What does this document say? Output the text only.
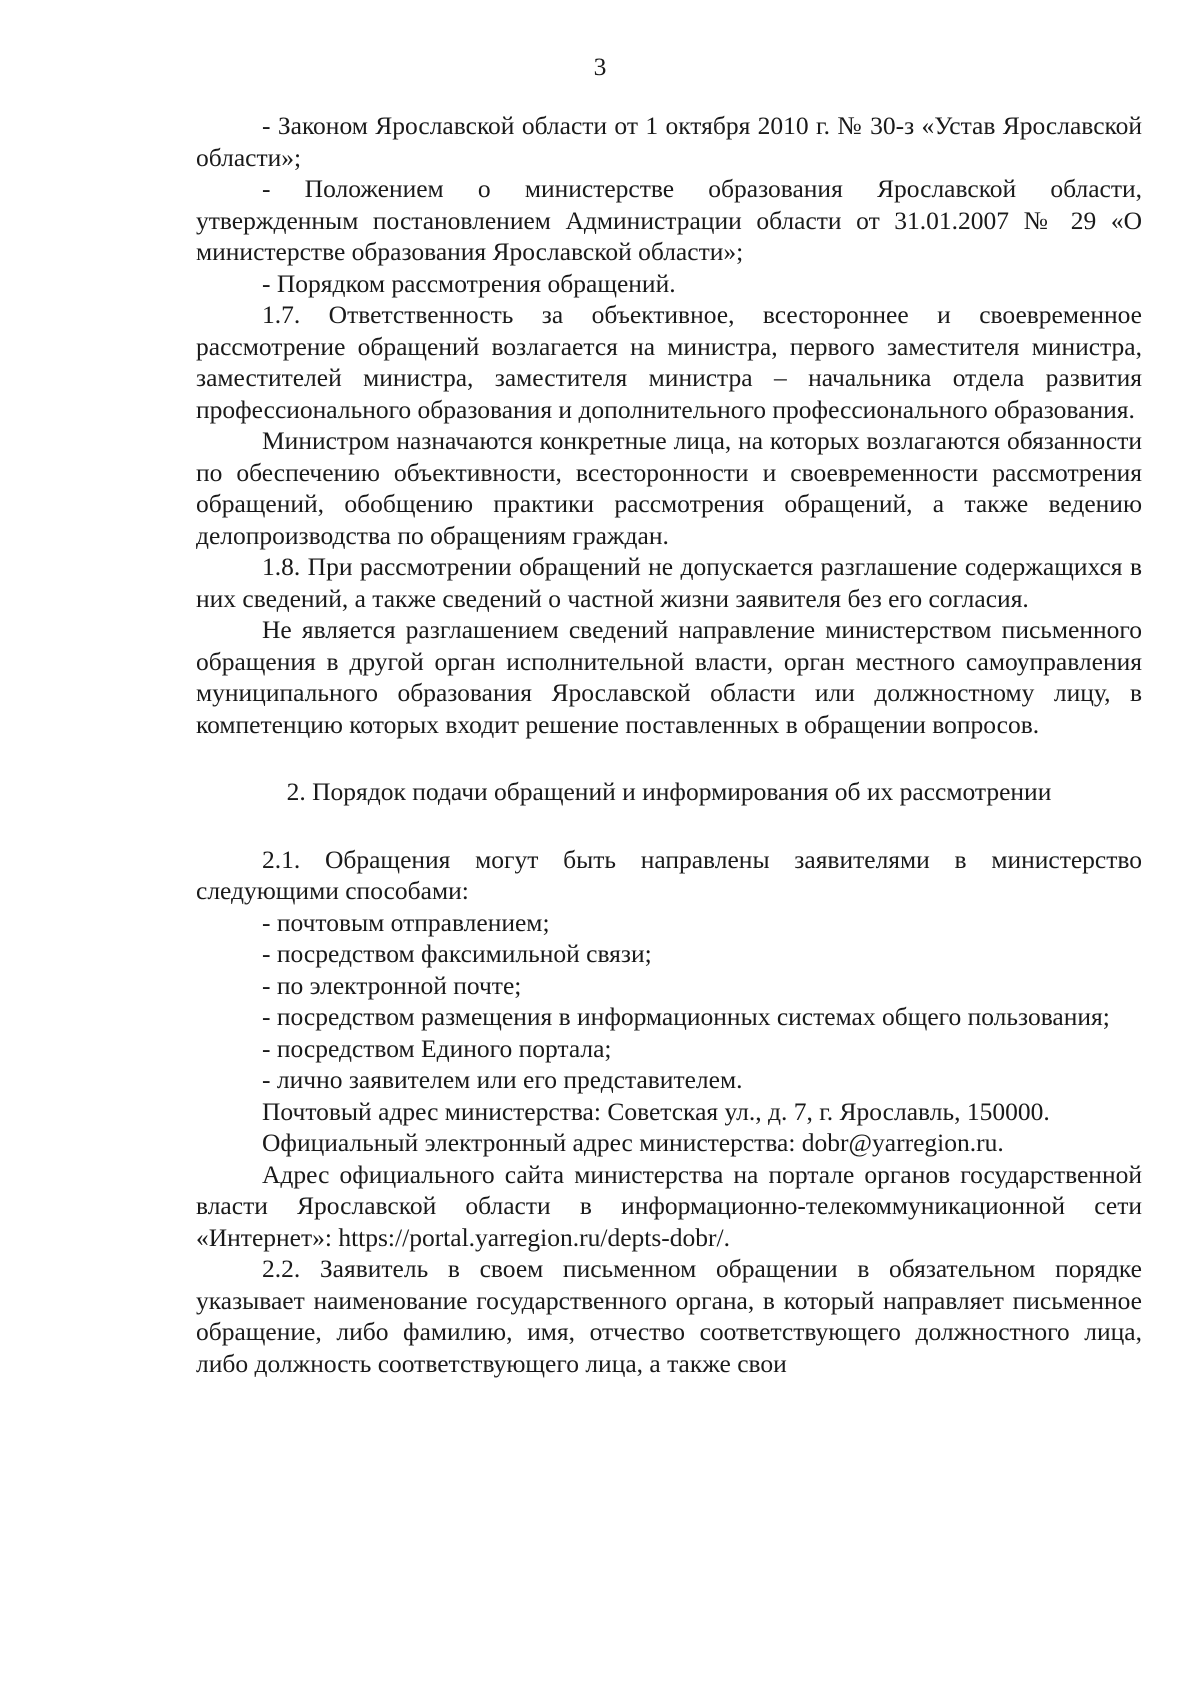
3

- Законом Ярославской области от 1 октября 2010 г. № 30-з «Устав Ярославской области»;

- Положением о министерстве образования Ярославской области, утвержденным постановлением Администрации области от 31.01.2007 № 29 «О министерстве образования Ярославской области»;

- Порядком рассмотрения обращений.

1.7. Ответственность за объективное, всестороннее и своевременное рассмотрение обращений возлагается на министра, первого заместителя министра, заместителей министра, заместителя министра – начальника отдела развития профессионального образования и дополнительного профессионального образования.

Министром назначаются конкретные лица, на которых возлагаются обязанности по обеспечению объективности, всесторонности и своевременности рассмотрения обращений, обобщению практики рассмотрения обращений, а также ведению делопроизводства по обращениям граждан.

1.8. При рассмотрении обращений не допускается разглашение содержащихся в них сведений, а также сведений о частной жизни заявителя без его согласия.

Не является разглашением сведений направление министерством письменного обращения в другой орган исполнительной власти, орган местного самоуправления муниципального образования Ярославской области или должностному лицу, в компетенцию которых входит решение поставленных в обращении вопросов.

2. Порядок подачи обращений и информирования об их рассмотрении

2.1. Обращения могут быть направлены заявителями в министерство следующими способами:

- почтовым отправлением;

- посредством факсимильной связи;

- по электронной почте;

- посредством размещения в информационных системах общего пользования;

- посредством Единого портала;

- лично заявителем или его представителем.

Почтовый адрес министерства: Советская ул., д. 7, г. Ярославль, 150000.

Официальный электронный адрес министерства: dobr@yarregion.ru.

Адрес официального сайта министерства на портале органов государственной власти Ярославской области в информационно-телекоммуникационной сети «Интернет»: https://portal.yarregion.ru/depts-dobr/.

2.2. Заявитель в своем письменном обращении в обязательном порядке указывает наименование государственного органа, в который направляет письменное обращение, либо фамилию, имя, отчество соответствующего должностного лица, либо должность соответствующего лица, а также свои
